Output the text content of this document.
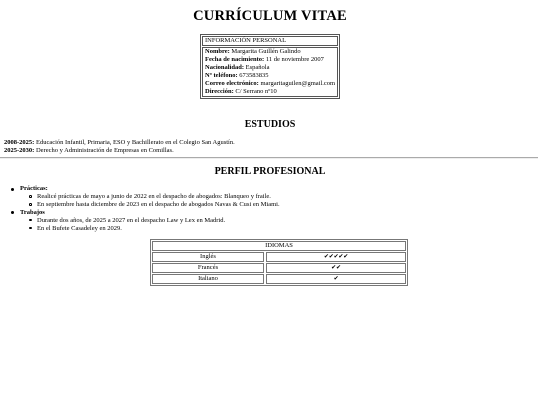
CURRÍCULUM VITAE
INFORMACIÓN PERSONAL
Nombre: Margarita Guillén Galindo
Fecha de nacimiento: 11 de noviembre 2007
Nacionalidad: Española
Nº teléfono: 673583835
Correo electrónico: margaritaguilen@gmail.com
Dirección: C/ Serrano nº10
ESTUDIOS
2008-2025: Educación Infantil, Primaria, ESO y Bachillerato en el Colegio San Agustín.
2025-2030: Derecho y Administración de Empresas en Comillas.
PERFIL PROFESIONAL
Prácticas:
Realicé prácticas de mayo a junio de 2022 en el despacho de abogados: Blanqueo y fraile.
En septiembre hasta diciembre de 2023 en el despacho de abogados Navas & Cusi en Miami.
Trabajos
Durante dos años, de 2025 a 2027 en el despacho Law y Lex en Madrid.
En el Bufete Casadeley en 2029.
IDIOMAS
Inglés	✔✔✔✔✔
Francés	✔✔
Italiano	✔
